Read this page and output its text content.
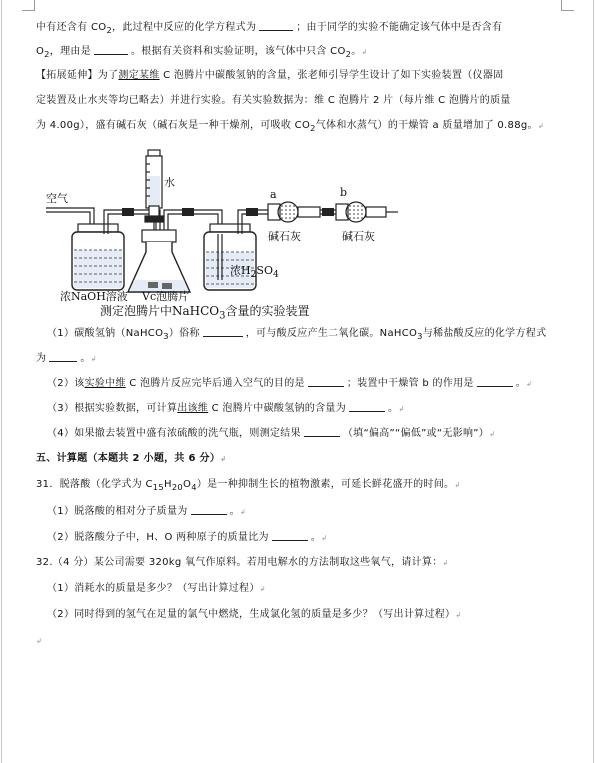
中有还含有 $CO_2$，此过程中反应的化学方程式为	；由于同学的实验不能确定该气体中是否含有
$O_2$，理由是	。根据有关资料和实验证明，该气体中只含 $CO_2$。↲
【拓展延伸】为了测定某维 C 泡腾片中碳酸氢钠的含量，张老师引导学生设计了如下实验装置（仪器固
定装置及止水夹等均已略去）并进行实验。有关实验数据为：维 C 泡腾片 2 片（每片维 C 泡腾片的质量
为 4.00g），盛有碱石灰（碱石灰是一种干燥剂，可吸收 $CO_2$气体和水蒸气）的干燥管 a 质量增加了 0.88g。↲
（1）碳酸氢钠（NaHCO$_3$）俗称	，可与酸反应产生二氧化碳。NaHCO$_3$与稀盐酸反应的化学方程式
为	。↲
（2）该实验中维 C 泡腾片反应完毕后通入空气的目的是	；装置中干燥管 b 的作用是	。↲
（3）根据实验数据，可计算出该维 C 泡腾片中碳酸氢钠的含量为	。↲
（4）如果撤去装置中盛有浓硫酸的洗气瓶，则测定结果	（填“偏高”“偏低”或“无影响”）↲
五、计算题（本题共 2 小题，共 6 分）↲
31．脱落酸（化学式为 $C_{15}H_{20}O_4$）是一种抑制生长的植物激素，可延长鲜花盛开的时间。↲
（1）脱落酸的相对分子质量为	。↲
（2）脱落酸分子中，H、O 两种原子的质量比为	。↲
32.（4 分）某公司需要 320kg 氧气作原料。若用电解水的方法制取这些氧气，请计算：↲
（1）消耗水的质量是多少？（写出计算过程）↲
（2）同时得到的氢气在足量的氯气中燃烧，生成氯化氢的质量是多少？（写出计算过程）↲
↲
空气
水
a	b
碱石灰	碱石灰
浓$H_2SO_4$
浓NaOH溶液 Vc泡腾片
测定泡腾片中NaHCO$_3$含量的实验装置
